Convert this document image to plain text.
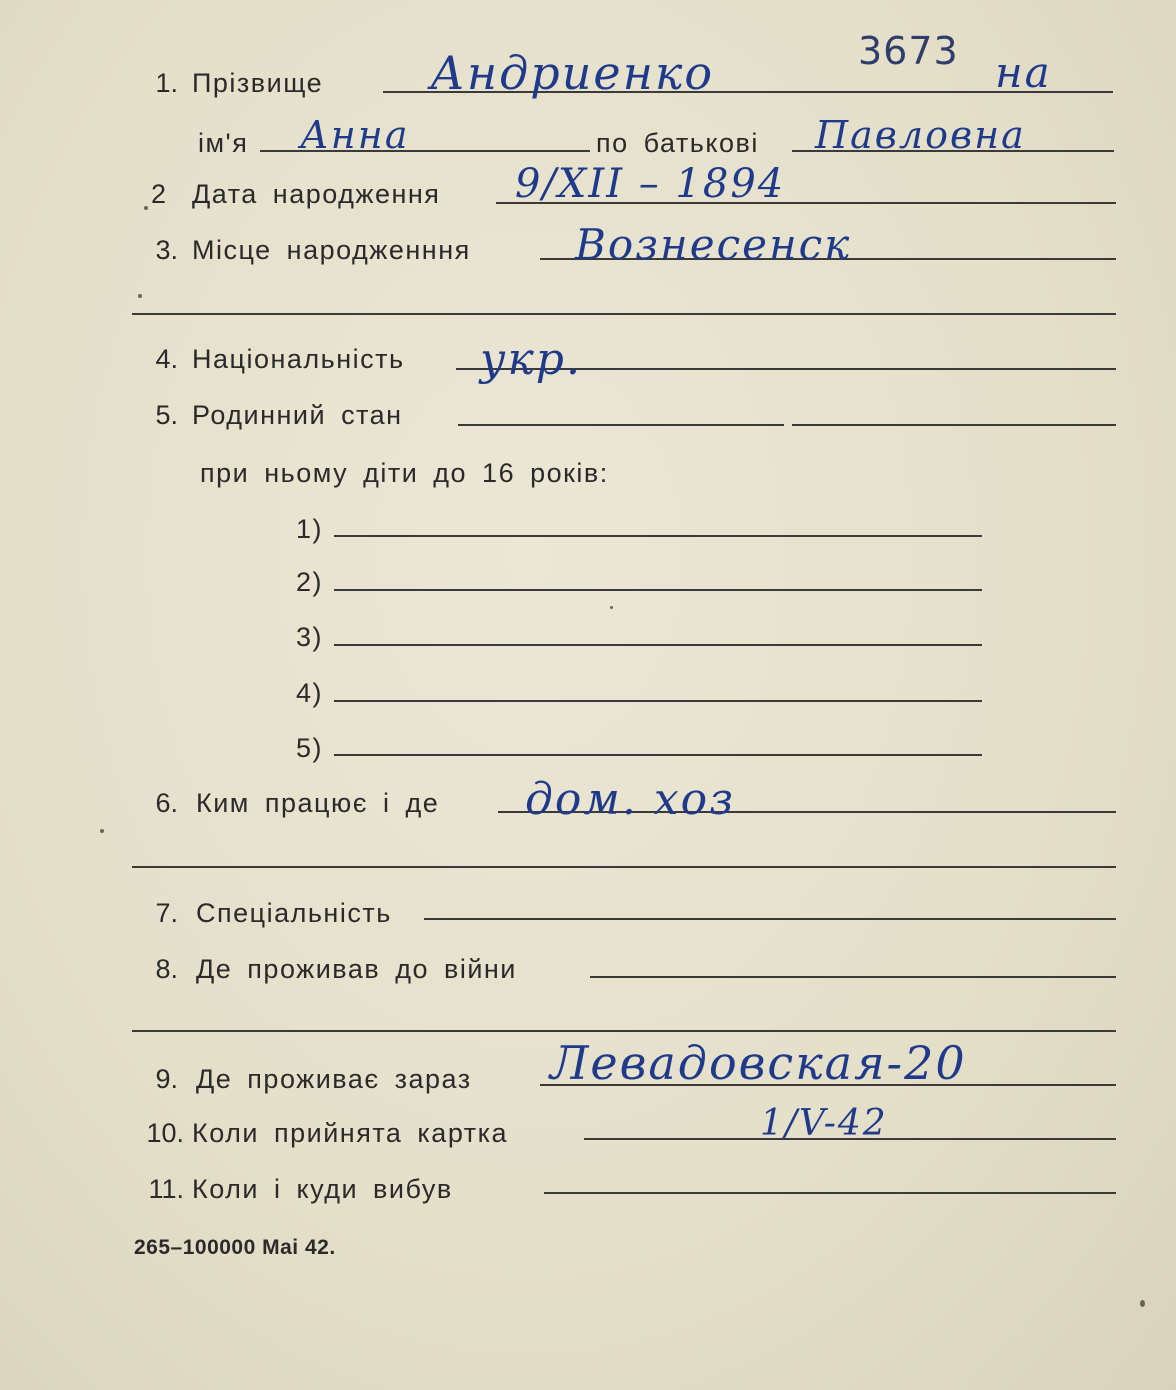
1. Прізвище Андриенко	3673 на
ім'я Анна	по батькові Павловна
2 Дата народження 9/XII – 1894
3. Місце народженння Вознесенск
4. Національність укр.
5. Родинний стан
при ньому діти до 16 років:
1)
2)
3)
4)
5)
6. Ким працює і де дом. хоз
7. Спеціальність
8. Де проживав до війни
9. Де проживає зараз Левадовская-20
10. Коли прийнята картка	1/V-42
11. Коли і куди вибув
265–100000 Mai 42.
